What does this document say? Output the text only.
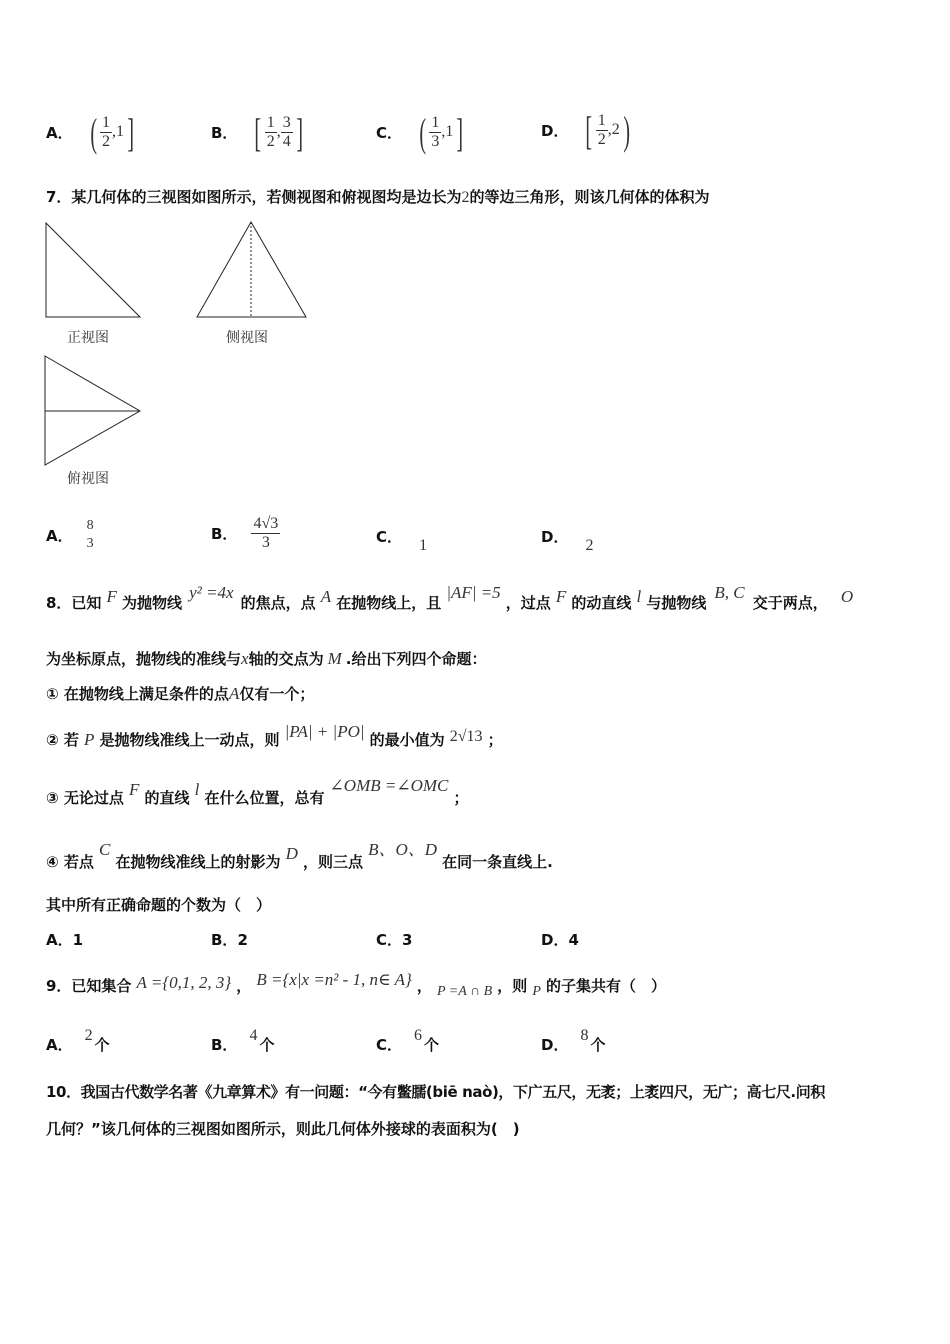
A． ( $\frac{1}{2} ,1$ ]	B． [ $\frac{1}{2}$ , $\frac{3}{4}$ ]	C． ( $\frac{1}{3} ,1$ ]	D． [ $\frac{1}{2} ,2$ )
7．某几何体的三视图如图所示，若侧视图和俯视图均是边长为2的等边三角形，则该几何体的体积为
正视图	侧视图
俯视图
A．
8
3
B． $\frac{4√3}{3}$	C． 1	D． 2
8．已知 F 为抛物线 y² =4x 的焦点，点 A 在抛物线上，且 |AF| =5 ，过点 F 的动直线 l 与抛物线 B, C 交于两点， O
为坐标原点，抛物线的准线与x轴的交点为 M .给出下列四个命题：
① 在抛物线上满足条件的点A仅有一个；
② 若 P 是抛物线准线上一动点，则 |PA| + |PO| 的最小值为 2√13 ；
③ 无论过点 F 的直线 l 在什么位置，总有 ∠OMB =∠OMC ；
④ 若点 C 在抛物线准线上的射影为 D ，则三点 B、O、D 在同一条直线上.
其中所有正确命题的个数为（　）
A．1	B．2	C．3	D．4
9．已知集合 A ={0,1, 2, 3} ， B ={x|x =n² - 1, n∈ A} ， P =A ∩ B ，则 P 的子集共有（　）
A．2个	B．4个	C．6个	D．8个
10．我国古代数学名著《九章算术》有一问题：“今有鳖臑(biē naò)，下广五尺，无袤；上袤四尺，无广；高七尺.问积
几何？”该几何体的三视图如图所示，则此几何体外接球的表面积为(　)
